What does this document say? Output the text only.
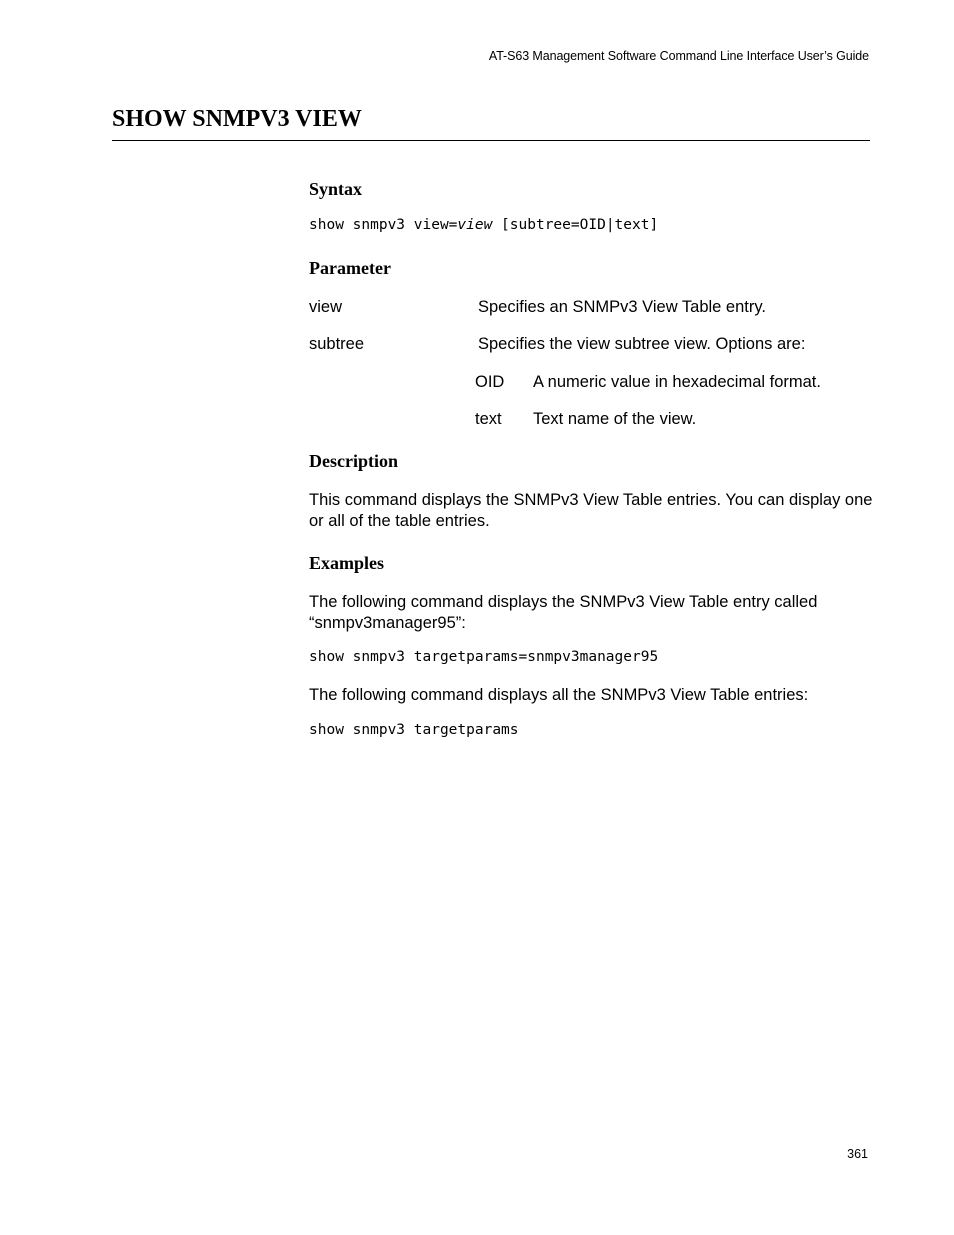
AT-S63 Management Software Command Line Interface User’s Guide
SHOW SNMPV3 VIEW
Syntax
show snmpv3 view=view [subtree=OID|text]
Parameter
view	Specifies an SNMPv3 View Table entry.
subtree	Specifies the view subtree view. Options are:
OID A numeric value in hexadecimal format.
text Text name of the view.
Description
This command displays the SNMPv3 View Table entries. You can display one or all of the table entries.
Examples
The following command displays the SNMPv3 View Table entry called “snmpv3manager95”:
show snmpv3 targetparams=snmpv3manager95
The following command displays all the SNMPv3 View Table entries:
show snmpv3 targetparams
361
